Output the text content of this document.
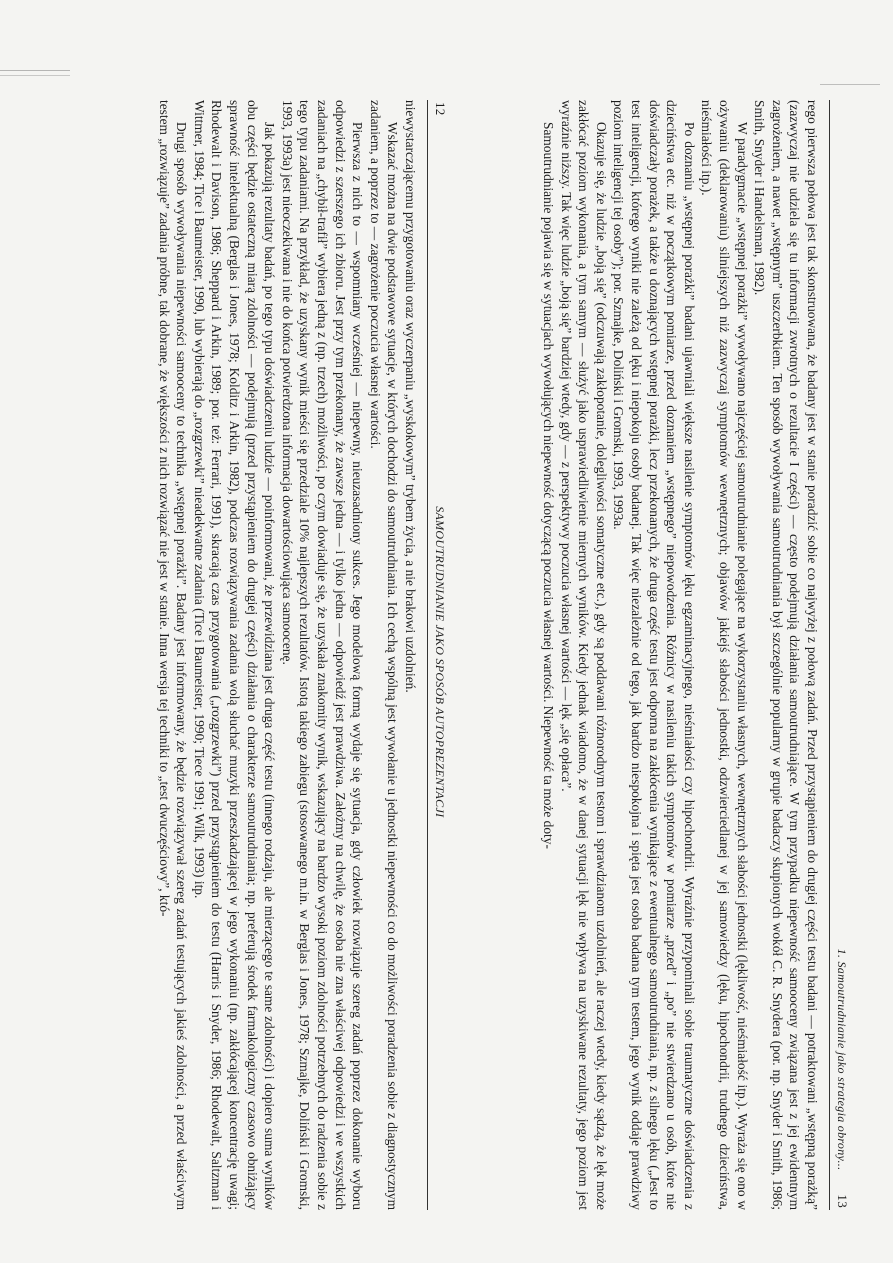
12
SAMOUTRUDNIANIE JAKO SPOSÓB AUTOPREZENTACJI

niewystarczającemu przygotowaniu oraz wyczerpaniu „wyskokowym” trybem życia, a nie brakowi uzdolnień.

Wskazać można na dwie podstawowe sytuacje, w których dochodzi do samoutrudniania. Ich cechą wspólną jest wywołanie u jednostki niepewności co do możliwości poradzenia sobie z diagnostycznym zadaniem, a poprzez to — zagrożenie poczucia własnej wartości.

Pierwsza z nich to — wspomniany wcześniej — niepewny, nieuzasadniony sukces. Jego modelową formą wydaje się sytuacja, gdy człowiek rozwiązuje szereg zadań poprzez dokonanie wyboru odpowiedzi z szerszego ich zbioru. Jest przy tym przekonany, że zawsze jedna — i tylko jedna — odpowiedź jest prawdziwa. Założmy na chwilę, że osoba nie zna właściwej odpowiedzi i we wszystkich zadaniach na „chybił-trafił” wybiera jedną z (np. trzech) możliwości, po czym dowiaduje się, że uzyskała znakomity wynik, wskazujący na bardzo wysoki poziom zdolności potrzebnych do radzenia sobie z tego typu zadaniami. Na przykład, że uzyskany wynik mieści się przedziale 10% najlepszych rezultatów. Istotą takiego zabiegu (stosowanego m.in. w Berglas i Jones, 1978; Szmajke, Doliński i Gromski, 1993, 1993a) jest nieoczekiwana i nie do końca potwierdzona informacja dowartościowująca samoocenę.

Jak pokazują rezultaty badań, po tego typu doświadczeniu ludzie — poinformowani, że przewidziana jest druga część testu (innego rodzaju, ale mierzącego te same zdolności) i dopiero suma wyników obu części będzie ostateczną miarą zdolności — podejmują (przed przystąpieniem do drugiej części) działania o charakterze samoutrudniania; np. preferują środek farmakologiczny czasowo obniżający sprawność intelektualną (Berglas i Jones, 1978; Kolditz i Arkin, 1982), podczas rozwiązywania zadania wolą słuchać muzyki przeszkadzającej w jego wykonaniu (np. zakłócającej koncentrację uwagi; Rhodewalt i Davison, 1986; Sheppard i Arkin, 1989; por. też: Ferrari, 1991), skracają czas przygotowania („rozgrzewki”) przed przystąpieniem do testu (Harris i Snyder, 1986; Rhodewalt, Saltzman i Wittmer, 1984; Tice i Baumeister, 1990, lub wybierają do „rozgrzewki” nieadekwatne zadania (Tice i Baumeister, 1990; Tiece 1991; Wilk, 1993) itp.

Drugi sposób wywoływania niepewności samooceny to technika „wstępnej porażki”. Badany jest informowany, że będzie rozwiązywał szereg zadań testujących jakieś zdolności, a przed właściwym testem „rozwiązuje” zadania próbne, tak dobrane, że większości z nich rozwiązać nie jest w stanie. Inna wersja tej techniki to „test dwuczęściowy”, któ-

1. Samoutrudnianie jako strategia obrony...
13

rego pierwsza połowa jest tak skonstruowana, że badany jest w stanie poradzić sobie co najwyżej z połową zadań. Przed przystąpieniem do drugiej części testu badani — potraktowani „wstępną porażką” (zazwyczaj nie udziela się tu informacji zwrotnych o rezultacie I części) — często podejmują działania samoutrudniające. W tym przypadku niepewność samooceny związana jest z jej ewidentnym zagrożeniem, a nawet „wstępnym” uszczerbkiem. Ten sposób wywoływania samoutrudniania był szczególnie popularny w grupie badaczy skupionych wokół C. R. Snydera (por. np. Snyder i Smith, 1986; Smith, Snyder i Handelsman, 1982).

W paradygmacie „wstępnej porażki” wywoływano najczęściej samoutrudnianie polegające na wykorzystaniu własnych, wewnętrznych słabości jednostki (lękliwość, nieśmiałość itp.). Wyraża się ono w ożywaniu (deklarowaniu) silniejszych niż zazwyczaj symptomów wewnętrznych; objawów jakiejś słabości jednostki, odzwierciedlanej w jej samowiedzy (lęku, hipochondrii, trudnego dzieciństwa, nieśmiałości itp.).

Po doznaniu „wstępnej porażki” badani ujawniali większe nasilenie symptomów lęku egzaminacyjnego, nieśmiałości czy hipochondrii. Wyraźnie przypominali sobie traumatyczne doświadczenia z dzieciństwa etc. niż w początkowym pomiarze, przed doznaniem „wstępnego” niepowodzenia. Różnicy w nasileniu takich symptomów w pomiarze „przed” i „po” nie stwierdzano u osób, które nie doświadczały porażek, a także u doznających wstępnej porażki, lecz przekonanych, że druga część testu jest odporna na zakłócenia wynikające z ewentualnego samoutrudniania, np. z silnego lęku („Jest to test inteligencji, którego wyniki nie zależą od lęku i niepokoju osoby badanej. Tak więc niezależnie od tego, jak bardzo niespokojna i spięta jest osoba badana tym testem, jego wynik oddaje prawdziwy poziom inteligencji tej osoby”); por. Szmajke, Doliński i Gromski, 1993, 1993a.

Okazuje się, że ludzie „boją się” (odczuwają zakłopotanie, dolegliwości somatyczne etc.), gdy są poddawani różnorodnym testom i sprawdzianom uzdolnień, ale raczej wtedy, kiedy sądzą, że lęk może zakłócać poziom wykonania, a tym samym — służyć jako usprawiedliwienie miernych wyników. Kiedy jednak wiadomo, że w danej sytuacji lęk nie wpływa na uzyskiwane rezultaty, jego poziom jest wyraźnie niższy. Tak więc ludzie „boją się” bardziej wtedy, gdy — z perspektywy poczucia własnej wartości — lęk „się opłaca”.

Samoutrudnianie pojawia się w sytuacjach wywołujących niepewność dotyczącą poczucia własnej wartości. Niepewność ta może doty-
